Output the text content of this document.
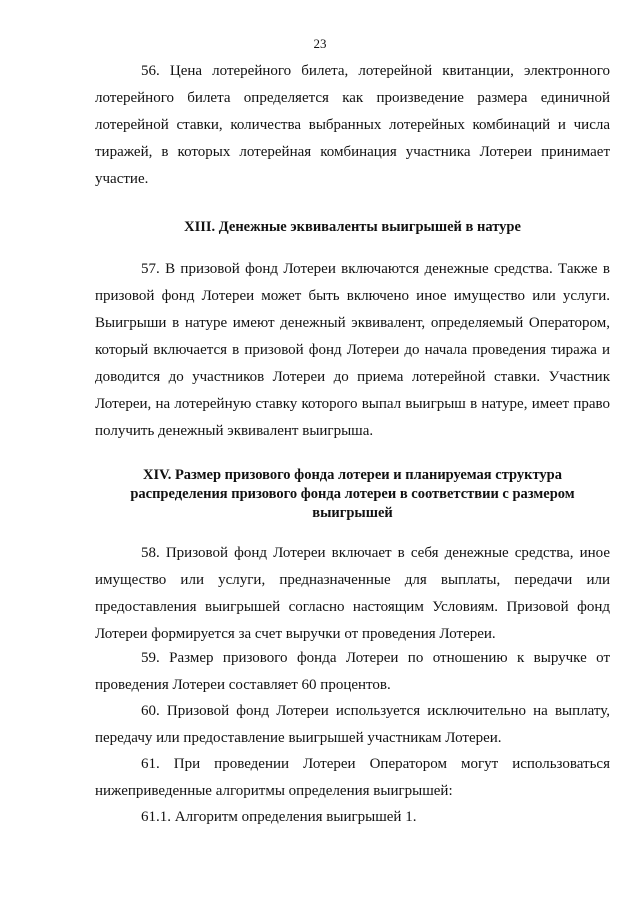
23

56. Цена лотерейного билета, лотерейной квитанции, электронного лотерейного билета определяется как произведение размера единичной лотерейной ставки, количества выбранных лотерейных комбинаций и числа тиражей, в которых лотерейная комбинация участника Лотереи принимает участие.

XIII. Денежные эквиваленты выигрышей в натуре

57. В призовой фонд Лотереи включаются денежные средства. Также в призовой фонд Лотереи может быть включено иное имущество или услуги. Выигрыши в натуре имеют денежный эквивалент, определяемый Оператором, который включается в призовой фонд Лотереи до начала проведения тиража и доводится до участников Лотереи до приема лотерейной ставки. Участник Лотереи, на лотерейную ставку которого выпал выигрыш в натуре, имеет право получить денежный эквивалент выигрыша.

XIV. Размер призового фонда лотереи и планируемая структура
распределения призового фонда лотереи в соответствии с размером
выигрышей

58. Призовой фонд Лотереи включает в себя денежные средства, иное имущество или услуги, предназначенные для выплаты, передачи или предоставления выигрышей согласно настоящим Условиям. Призовой фонд Лотереи формируется за счет выручки от проведения Лотереи.

59. Размер призового фонда Лотереи по отношению к выручке от проведения Лотереи составляет 60 процентов.

60. Призовой фонд Лотереи используется исключительно на выплату, передачу или предоставление выигрышей участникам Лотереи.

61. При проведении Лотереи Оператором могут использоваться нижеприведенные алгоритмы определения выигрышей:

61.1. Алгоритм определения выигрышей 1.
